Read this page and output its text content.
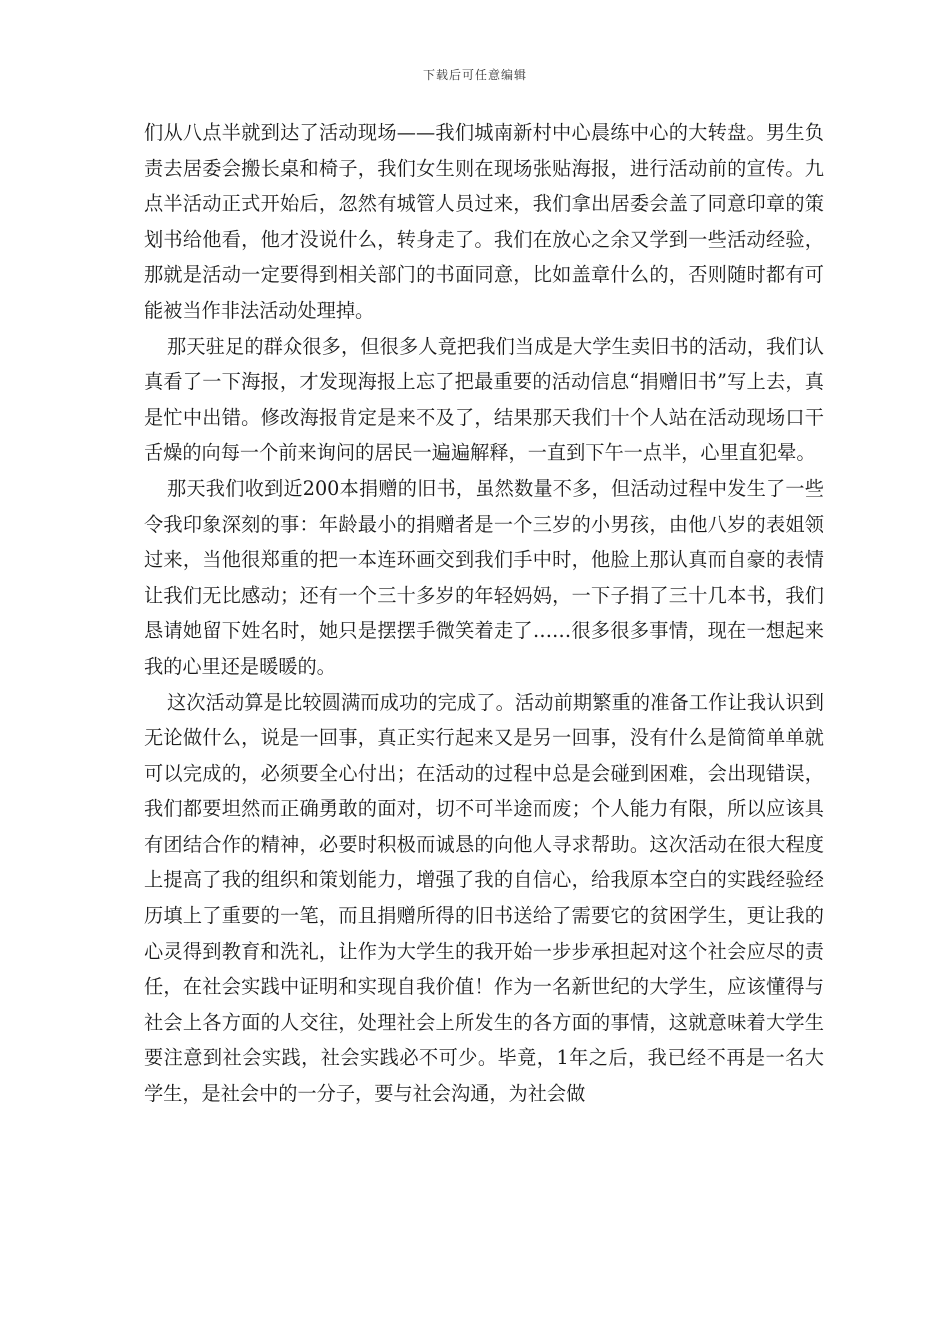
下载后可任意编辑

们从八点半就到达了活动现场——我们城南新村中心晨练中心的大转盘。男生负责去居委会搬长桌和椅子，我们女生则在现场张贴海报，进行活动前的宣传。九点半活动正式开始后，忽然有城管人员过来，我们拿出居委会盖了同意印章的策划书给他看，他才没说什么，转身走了。我们在放心之余又学到一些活动经验，那就是活动一定要得到相关部门的书面同意，比如盖章什么的，否则随时都有可能被当作非法活动处理掉。

那天驻足的群众很多，但很多人竟把我们当成是大学生卖旧书的活动，我们认真看了一下海报，才发现海报上忘了把最重要的活动信息“捐赠旧书”写上去，真是忙中出错。修改海报肯定是来不及了，结果那天我们十个人站在活动现场口干舌燥的向每一个前来询问的居民一遍遍解释，一直到下午一点半，心里直犯晕。

那天我们收到近200本捐赠的旧书，虽然数量不多，但活动过程中发生了一些令我印象深刻的事：年龄最小的捐赠者是一个三岁的小男孩，由他八岁的表姐领过来，当他很郑重的把一本连环画交到我们手中时，他脸上那认真而自豪的表情让我们无比感动；还有一个三十多岁的年轻妈妈，一下子捐了三十几本书，我们恳请她留下姓名时，她只是摆摆手微笑着走了……很多很多事情，现在一想起来我的心里还是暖暖的。

这次活动算是比较圆满而成功的完成了。活动前期繁重的准备工作让我认识到无论做什么，说是一回事，真正实行起来又是另一回事，没有什么是简简单单就可以完成的，必须要全心付出；在活动的过程中总是会碰到困难，会出现错误，我们都要坦然而正确勇敢的面对，切不可半途而废；个人能力有限，所以应该具有团结合作的精神，必要时积极而诚恳的向他人寻求帮助。这次活动在很大程度上提高了我的组织和策划能力，增强了我的自信心，给我原本空白的实践经验经历填上了重要的一笔，而且捐赠所得的旧书送给了需要它的贫困学生，更让我的心灵得到教育和洗礼，让作为大学生的我开始一步步承担起对这个社会应尽的责任，在社会实践中证明和实现自我价值！作为一名新世纪的大学生，应该懂得与社会上各方面的人交往，处理社会上所发生的各方面的事情，这就意味着大学生要注意到社会实践，社会实践必不可少。毕竟，1年之后，我已经不再是一名大学生，是社会中的一分子，要与社会沟通，为社会做
